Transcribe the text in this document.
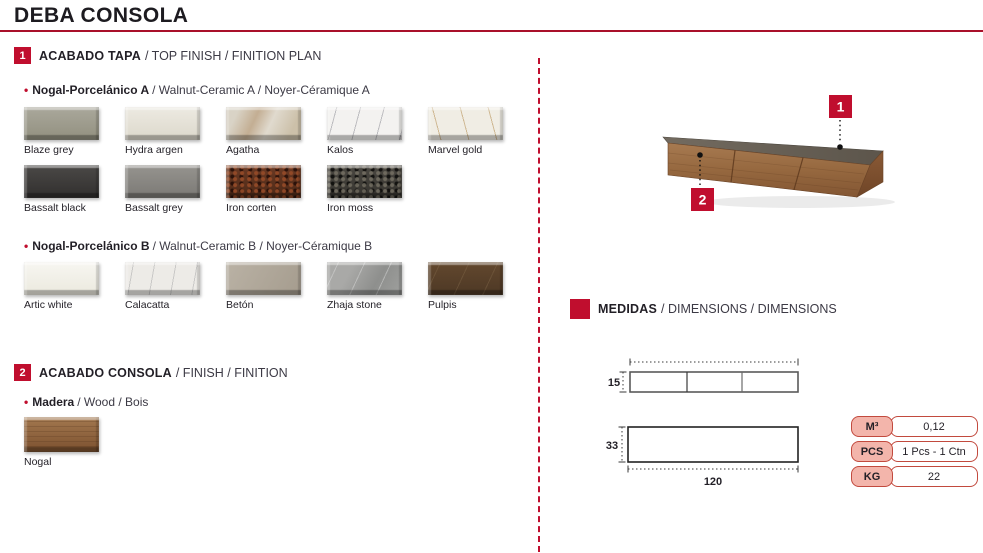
DEBA CONSOLA
1	ACABADO TAPA / TOP FINISH / FINITION PLAN
• Nogal-Porcelánico A / Walnut-Ceramic A / Noyer-Céramique A
Blaze grey	Hydra argen	Agatha	Kalos	Marvel gold
Bassalt black	Bassalt grey	Iron corten	Iron moss
• Nogal-Porcelánico B / Walnut-Ceramic B / Noyer-Céramique B
Artic white	Calacatta	Betón	Zhaja stone	Pulpis
2	ACABADO CONSOLA / FINISH / FINITION
• Madera / Wood / Bois
Nogal
1
2
MEDIDAS / DIMENSIONS / DIMENSIONS
15
33
120
M³	0,12
PCS	1 Pcs - 1 Ctn
KG	22
